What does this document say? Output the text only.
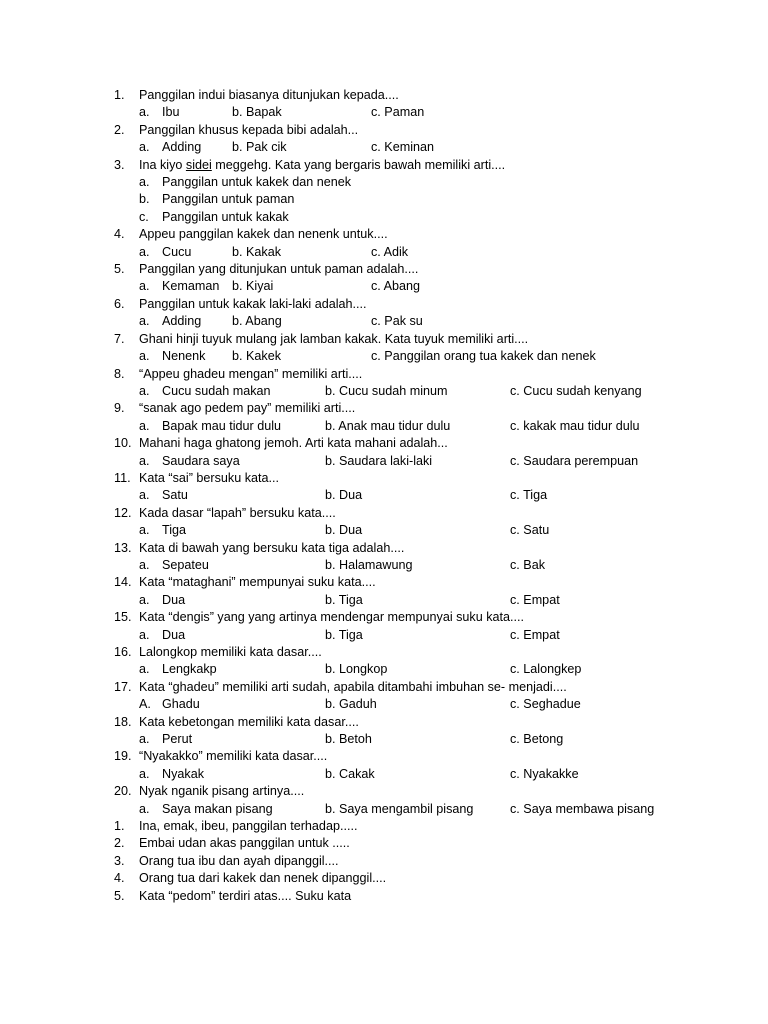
1.	Panggilan indui biasanya ditunjukan kepada....
a. Ibu	b. Bapak	c. Paman
2.	Panggilan khusus kepada bibi adalah...
a. Adding b. Pak cik	c. Keminan
3.	Ina kiyo sidei meggehg. Kata yang bergaris bawah memiliki arti....
a. Panggilan untuk kakek dan nenek
b. Panggilan untuk paman
c.	Panggilan untuk kakak
4.	Appeu panggilan kakek dan nenenk untuk....
a. Cucu	b. Kakak	c. Adik
5.	Panggilan yang ditunjukan untuk paman adalah....
a. Kemaman b. Kiyai	c. Abang
6.	Panggilan untuk kakak laki-laki adalah....
a. Adding b. Abang	c. Pak su
7.	Ghani hinji tuyuk mulang jak lamban kakak. Kata tuyuk memiliki arti....
a. Nenenk b. Kakek	c. Panggilan orang tua kakek dan nenek
8.	“Appeu ghadeu mengan” memiliki arti....
a. Cucu sudah makan	b. Cucu sudah minum	c. Cucu sudah kenyang
9.	“sanak ago pedem pay” memiliki arti....
a. Bapak mau tidur dulu	b. Anak mau tidur dulu	c. kakak mau tidur dulu
10. Mahani haga ghatong jemoh. Arti kata mahani adalah...
a. Saudara saya	b. Saudara laki-laki	c. Saudara perempuan
11. Kata “sai” bersuku kata...
a. Satu	b. Dua	c. Tiga
12. Kada dasar “lapah” bersuku kata....
a. Tiga	b. Dua	c. Satu
13. Kata di bawah yang bersuku kata tiga adalah....
a. Sepateu	b. Halamawung	c. Bak
14. Kata “mataghani” mempunyai suku kata....
a. Dua	b. Tiga	c. Empat
15. Kata “dengis” yang yang artinya mendengar mempunyai suku kata....
a. Dua	b. Tiga	c. Empat
16. Lalongkop memiliki kata dasar....
a. Lengkakp	b. Longkop	c. Lalongkep
17. Kata “ghadeu” memiliki arti sudah, apabila ditambahi imbuhan se- menjadi....
A. Ghadu	b. Gaduh	c. Seghadue
18. Kata kebetongan memiliki kata dasar....
a. Perut	b. Betoh	c. Betong
19. “Nyakakko” memiliki kata dasar....
a. Nyakak	b. Cakak	c. Nyakakke
20. Nyak nganik pisang artinya....
a. Saya makan pisang	b. Saya mengambil pisang	c. Saya membawa pisang
1.	Ina, emak, ibeu, panggilan terhadap.....
2.	Embai udan akas panggilan untuk .....
3.	Orang tua ibu dan ayah dipanggil....
4.	Orang tua dari kakek dan nenek dipanggil....
5.	Kata “pedom” terdiri atas.... Suku kata
